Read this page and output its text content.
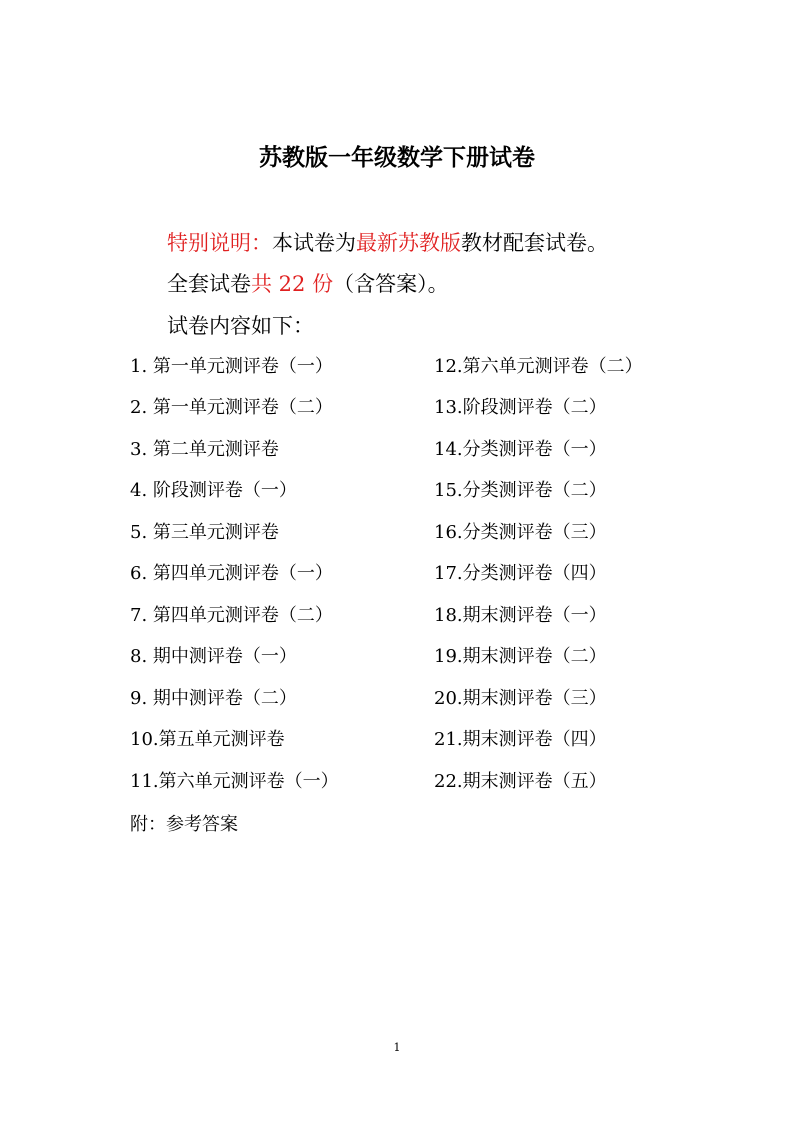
苏教版一年级数学下册试卷
特别说明：本试卷为最新苏教版教材配套试卷。
全套试卷共 22 份（含答案）。
试卷内容如下：
1. 第一单元测评卷（一）
2. 第一单元测评卷（二）
3. 第二单元测评卷
4. 阶段测评卷（一）
5. 第三单元测评卷
6. 第四单元测评卷（一）
7. 第四单元测评卷（二）
8. 期中测评卷（一）
9. 期中测评卷（二）
10.第五单元测评卷
11.第六单元测评卷（一）
12.第六单元测评卷（二）
13.阶段测评卷（二）
14.分类测评卷（一）
15.分类测评卷（二）
16.分类测评卷（三）
17.分类测评卷（四）
18.期末测评卷（一）
19.期末测评卷（二）
20.期末测评卷（三）
21.期末测评卷（四）
22.期末测评卷（五）
附：参考答案
1
